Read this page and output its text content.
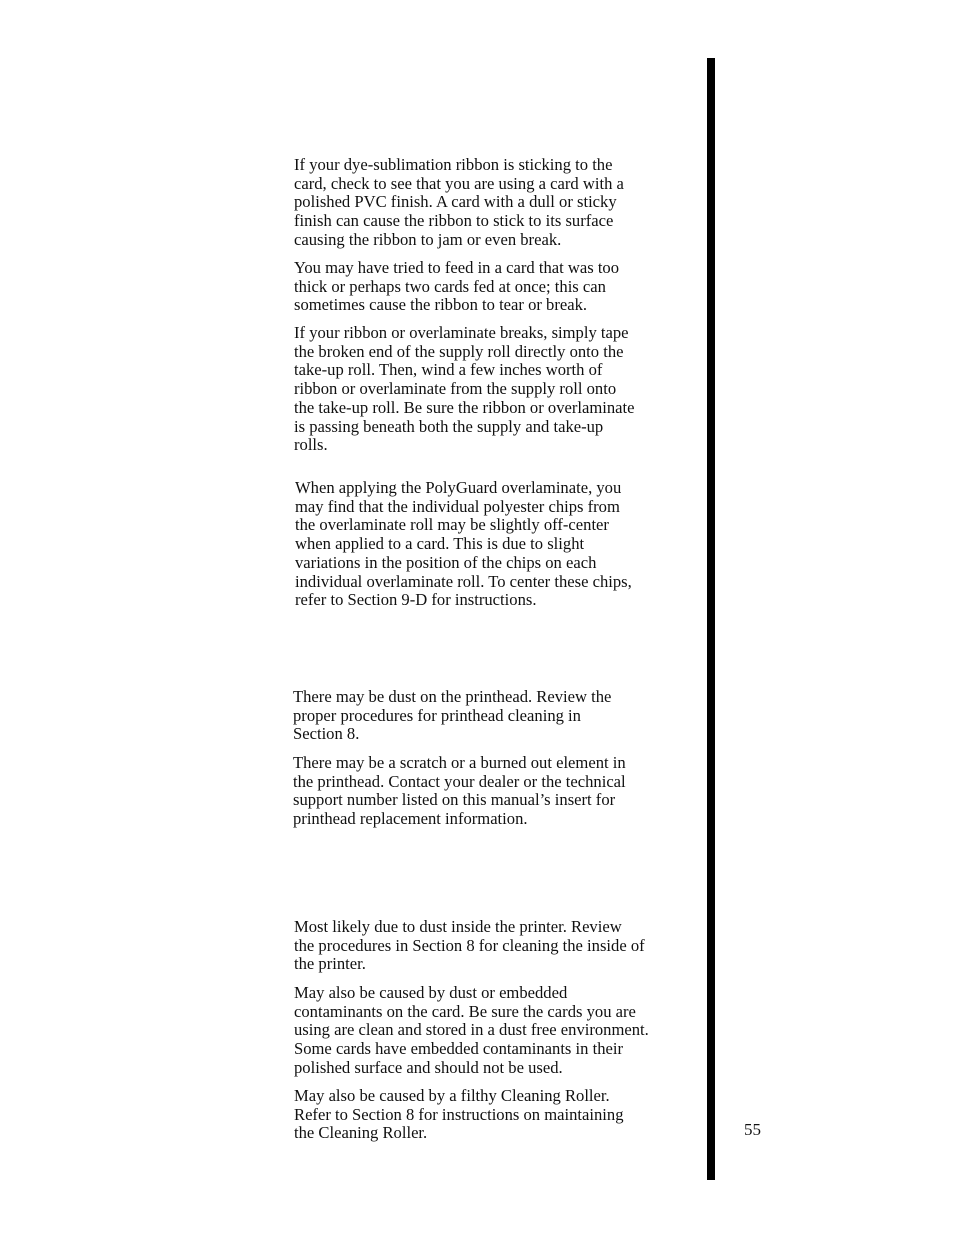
If your dye-sublimation ribbon is sticking to the
card, check to see that you are using a card with a
polished PVC finish. A card with a dull or sticky
finish can cause the ribbon to stick to its surface
causing the ribbon to jam or even break.

You may have tried to feed in a card that was too
thick or perhaps two cards fed at once; this can
sometimes cause the ribbon to tear or break.

If your ribbon or overlaminate breaks, simply tape
the broken end of the supply roll directly onto the
take-up roll. Then, wind a few inches worth of
ribbon or overlaminate from the supply roll onto
the take-up roll. Be sure the ribbon or overlaminate
is passing beneath both the supply and take-up
rolls.

When applying the PolyGuard overlaminate, you
may find that the individual polyester chips from
the overlaminate roll may be slightly off-center
when applied to a card. This is due to slight
variations in the position of the chips on each
individual overlaminate roll. To center these chips,
refer to Section 9-D for instructions.

There may be dust on the printhead. Review the
proper procedures for printhead cleaning in
Section 8.

There may be a scratch or a burned out element in
the printhead. Contact your dealer or the technical
support number listed on this manual’s insert for
printhead replacement information.

Most likely due to dust inside the printer. Review
the procedures in Section 8 for cleaning the inside of
the printer.

May also be caused by dust or embedded
contaminants on the card. Be sure the cards you are
using are clean and stored in a dust free environment.
Some cards have embedded contaminants in their
polished surface and should not be used.

May also be caused by a filthy Cleaning Roller.
Refer to Section 8 for instructions on maintaining
the Cleaning Roller.	55
